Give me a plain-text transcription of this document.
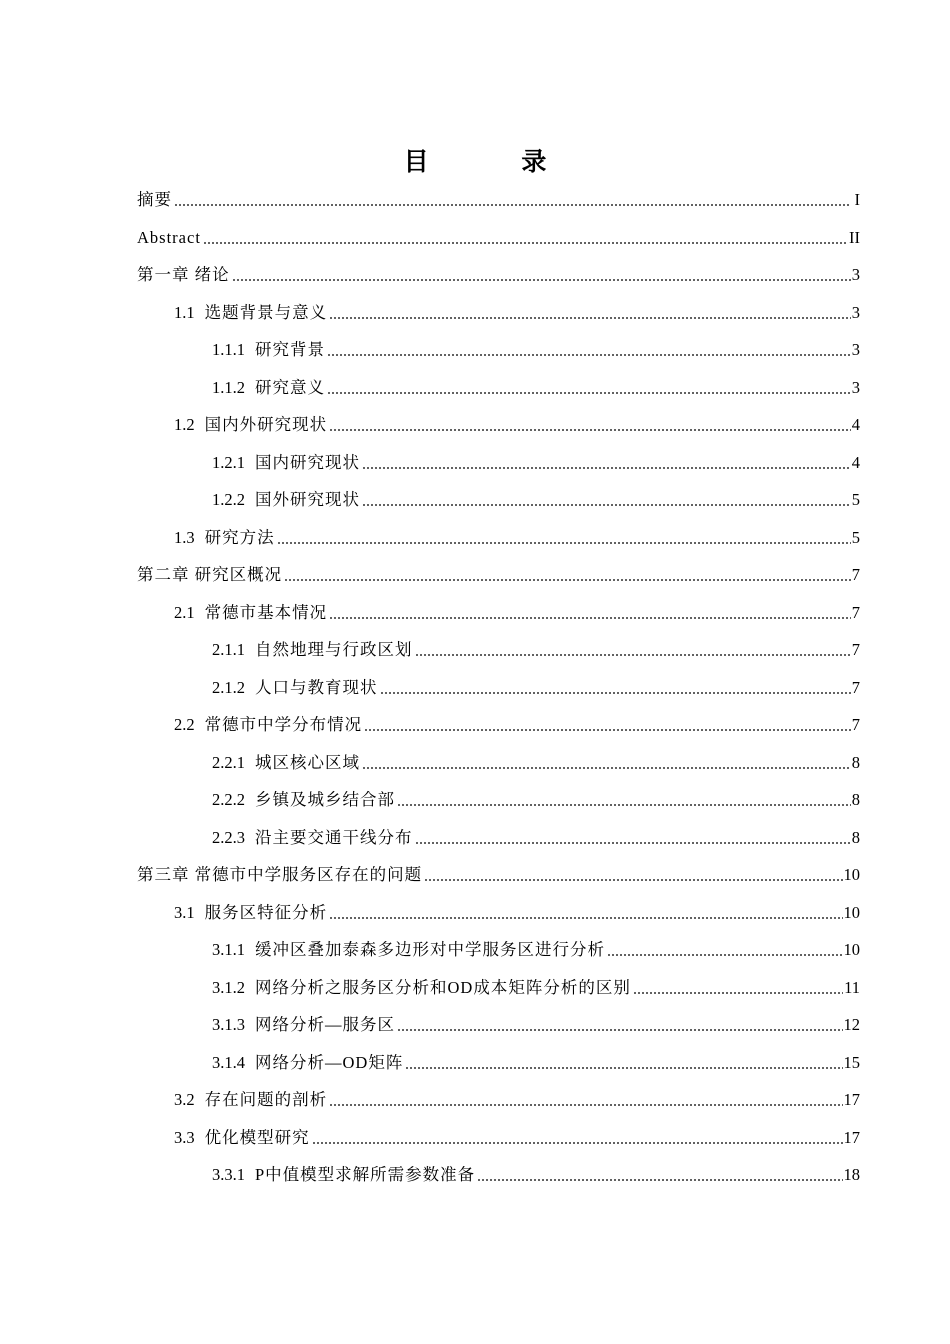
目 录
摘要	I
Abstract	II
第一章 绪论	3
1.1 选题背景与意义	3
1.1.1 研究背景	3
1.1.2 研究意义	3
1.2 国内外研究现状	4
1.2.1 国内研究现状	4
1.2.2 国外研究现状	5
1.3 研究方法	5
第二章 研究区概况	7
2.1 常德市基本情况	7
2.1.1 自然地理与行政区划	7
2.1.2 人口与教育现状	7
2.2 常德市中学分布情况	7
2.2.1 城区核心区域	8
2.2.2 乡镇及城乡结合部	8
2.2.3 沿主要交通干线分布	8
第三章 常德市中学服务区存在的问题	10
3.1 服务区特征分析	10
3.1.1 缓冲区叠加泰森多边形对中学服务区进行分析	10
3.1.2 网络分析之服务区分析和OD成本矩阵分析的区别	11
3.1.3 网络分析—服务区	12
3.1.4 网络分析—OD矩阵	15
3.2 存在问题的剖析	17
3.3 优化模型研究	17
3.3.1 P中值模型求解所需参数准备	18
